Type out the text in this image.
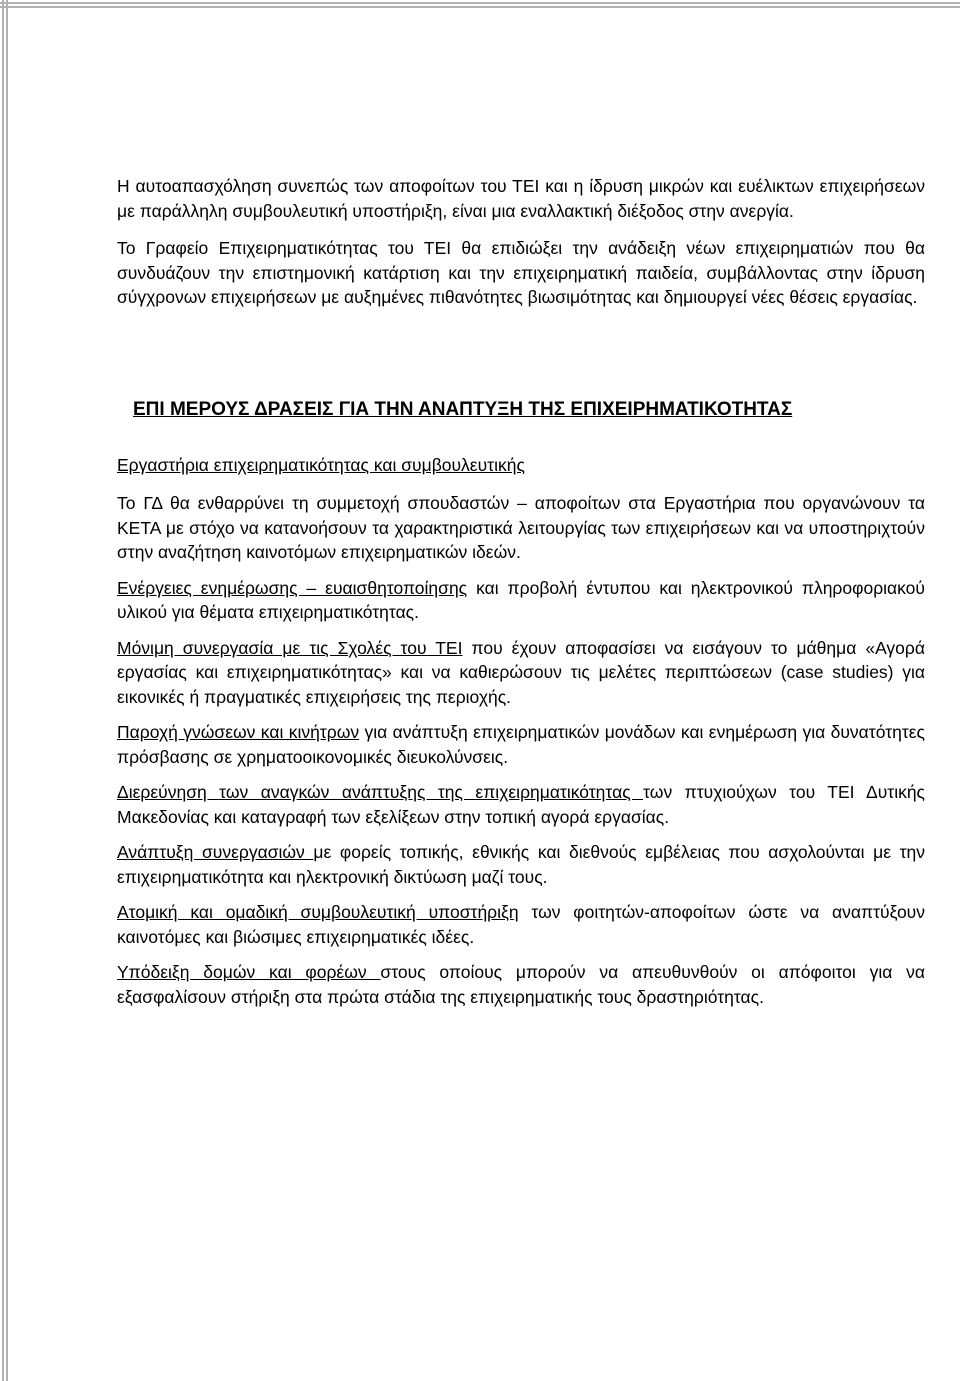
Η αυτοαπασχόληση συνεπώς των αποφοίτων του ΤΕΙ και η ίδρυση μικρών και ευέλικτων επιχειρήσεων με παράλληλη συμβουλευτική υποστήριξη, είναι μια εναλλακτική διέξοδος στην ανεργία.

Το Γραφείο Επιχειρηματικότητας του ΤΕΙ θα επιδιώξει την ανάδειξη νέων επιχειρηματιών που θα συνδυάζουν την επιστημονική κατάρτιση και την επιχειρηματική παιδεία, συμβάλλοντας στην ίδρυση σύγχρονων επιχειρήσεων με αυξημένες πιθανότητες βιωσιμότητας και δημιουργεί νέες θέσεις εργασίας.

ΕΠΙ ΜΕΡΟΥΣ ΔΡΑΣΕΙΣ ΓΙΑ ΤΗΝ ΑΝΑΠΤΥΞΗ ΤΗΣ ΕΠΙΧΕΙΡΗΜΑΤΙΚΟΤΗΤΑΣ
Εργαστήρια επιχειρηματικότητας και συμβουλευτικής

Το ΓΔ θα ενθαρρύνει τη συμμετοχή σπουδαστών – αποφοίτων στα Εργαστήρια που οργανώνουν τα ΚΕΤΑ με στόχο να κατανοήσουν τα χαρακτηριστικά λειτουργίας των επιχειρήσεων και να υποστηριχτούν στην αναζήτηση καινοτόμων επιχειρηματικών ιδεών.

Ενέργειες ενημέρωσης – ευαισθητοποίησης και προβολή έντυπου και ηλεκτρονικού πληροφοριακού υλικού για θέματα επιχειρηματικότητας.

Μόνιμη συνεργασία με τις Σχολές του ΤΕΙ που έχουν αποφασίσει να εισάγουν το μάθημα «Αγορά εργασίας και επιχειρηματικότητας» και να καθιερώσουν τις μελέτες περιπτώσεων (case studies) για εικονικές ή πραγματικές επιχειρήσεις της περιοχής.

Παροχή γνώσεων και κινήτρων για ανάπτυξη επιχειρηματικών μονάδων και ενημέρωση για δυνατότητες πρόσβασης σε χρηματοοικονομικές διευκολύνσεις.

Διερεύνηση των αναγκών ανάπτυξης της επιχειρηματικότητας των πτυχιούχων του ΤΕΙ Δυτικής Μακεδονίας και καταγραφή των εξελίξεων στην τοπική αγορά εργασίας.

Ανάπτυξη συνεργασιών με φορείς τοπικής, εθνικής και διεθνούς εμβέλειας που ασχολούνται με την επιχειρηματικότητα και ηλεκτρονική δικτύωση μαζί τους.

Ατομική και ομαδική συμβουλευτική υποστήριξη των φοιτητών-αποφοίτων ώστε να αναπτύξουν καινοτόμες και βιώσιμες επιχειρηματικές ιδέες.

Υπόδειξη δομών και φορέων στους οποίους μπορούν να απευθυνθούν οι απόφοιτοι για να εξασφαλίσουν στήριξη στα πρώτα στάδια της επιχειρηματικής τους δραστηριότητας.
